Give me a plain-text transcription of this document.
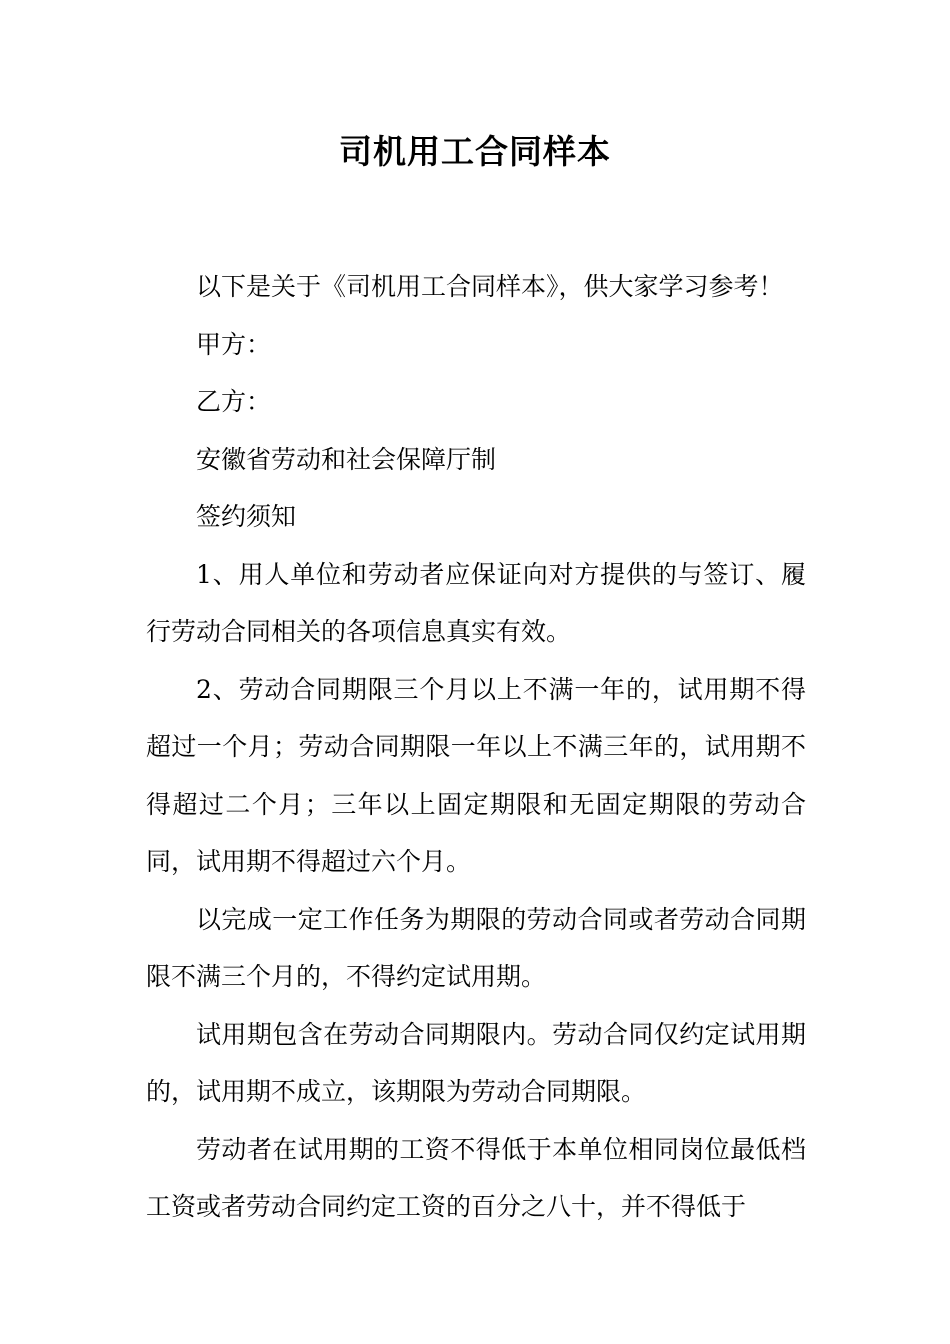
司机用工合同样本

以下是关于《司机用工合同样本》，供大家学习参考！

甲方：

乙方：

安徽省劳动和社会保障厅制

签约须知

1、用人单位和劳动者应保证向对方提供的与签订、履行劳动合同相关的各项信息真实有效。

2、劳动合同期限三个月以上不满一年的，试用期不得超过一个月；劳动合同期限一年以上不满三年的，试用期不得超过二个月；三年以上固定期限和无固定期限的劳动合同，试用期不得超过六个月。

以完成一定工作任务为期限的劳动合同或者劳动合同期限不满三个月的，不得约定试用期。

试用期包含在劳动合同期限内。劳动合同仅约定试用期的，试用期不成立，该期限为劳动合同期限。

劳动者在试用期的工资不得低于本单位相同岗位最低档工资或者劳动合同约定工资的百分之八十，并不得低于
